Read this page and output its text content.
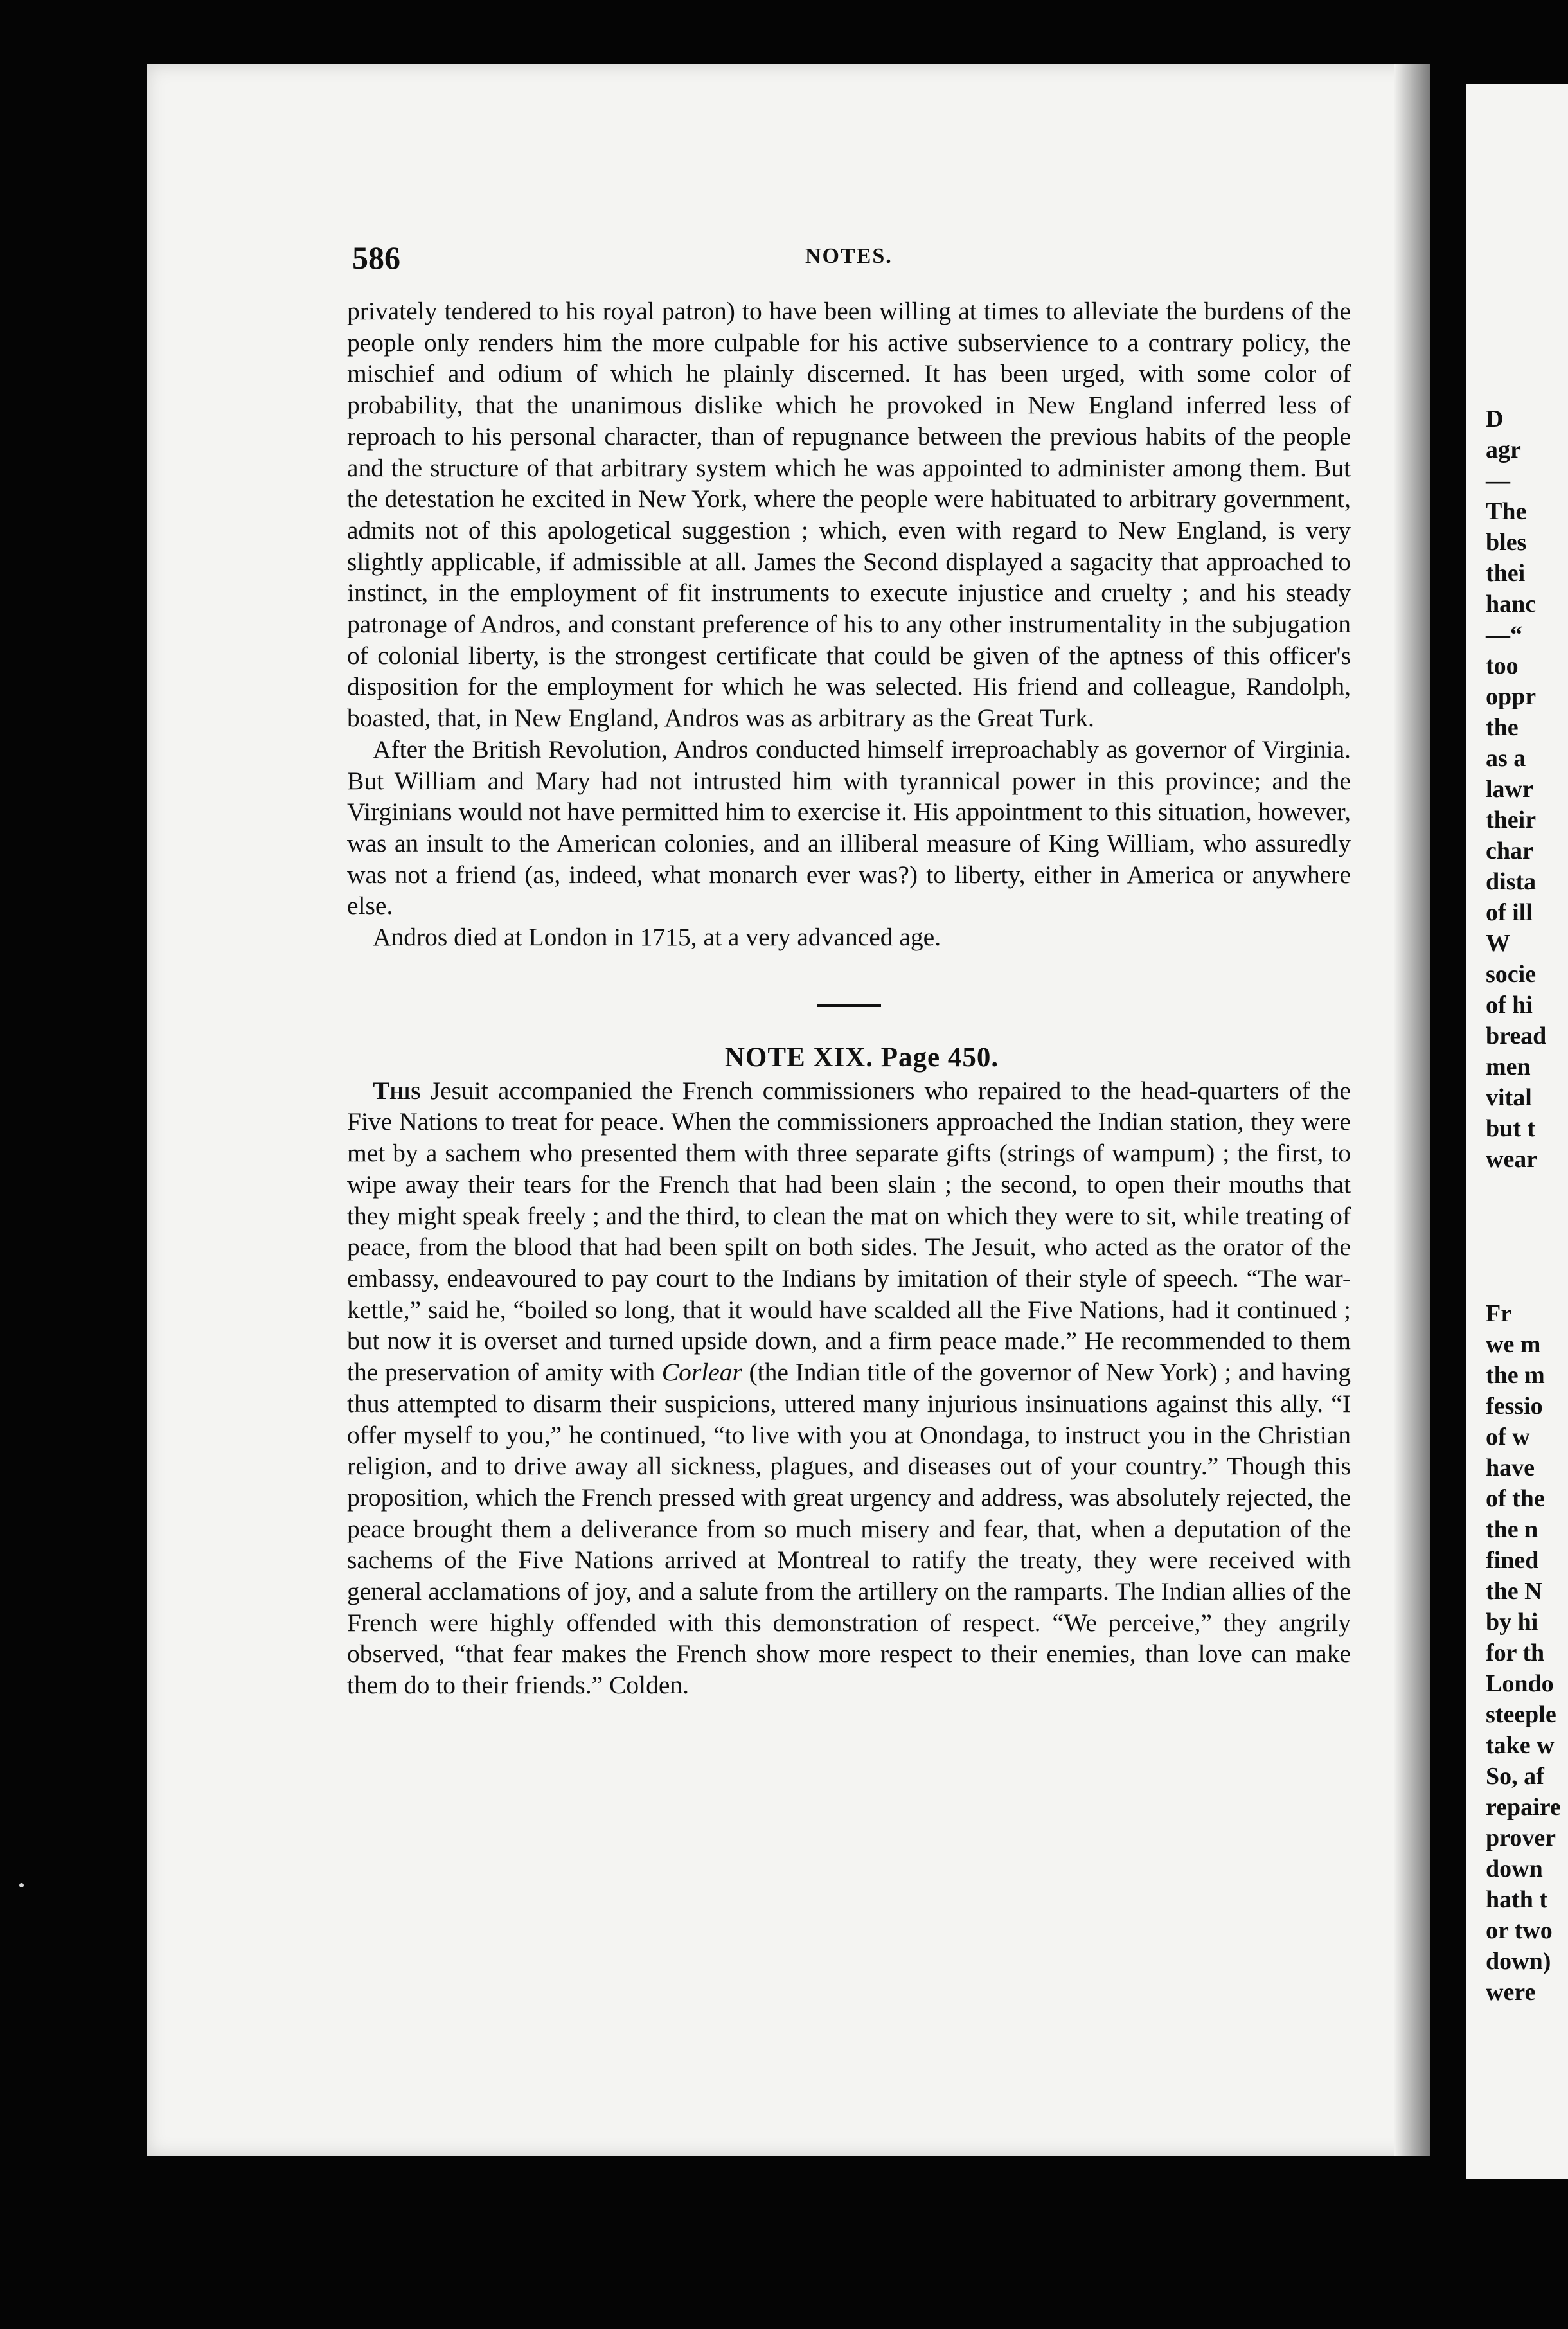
586	NOTES.

privately tendered to his royal patron) to have been willing at times to alleviate the burdens of the people only renders him the more culpable for his active subservience to a contrary policy, the mischief and odium of which he plainly discerned. It has been urged, with some color of probability, that the unanimous dislike which he provoked in New England inferred less of reproach to his personal character, than of repugnance between the previous habits of the people and the structure of that arbitrary system which he was appointed to administer among them. But the detestation he excited in New York, where the people were habituated to arbitrary government, admits not of this apologetical suggestion ; which, even with regard to New England, is very slightly applicable, if admissible at all. James the Second displayed a sagacity that approached to instinct, in the employment of fit instruments to execute injustice and cruelty ; and his steady patronage of Andros, and constant preference of his to any other instrumentality in the subjugation of colonial liberty, is the strongest certificate that could be given of the aptness of this officer's disposition for the employment for which he was selected. His friend and colleague, Randolph, boasted, that, in New England, Andros was as arbitrary as the Great Turk.

After the British Revolution, Andros conducted himself irreproachably as governor of Virginia. But William and Mary had not intrusted him with tyrannical power in this province; and the Virginians would not have permitted him to exercise it. His appointment to this situation, however, was an insult to the American colonies, and an illiberal measure of King William, who assuredly was not a friend (as, indeed, what monarch ever was?) to liberty, either in America or anywhere else.

Andros died at London in 1715, at a very advanced age.

NOTE XIX. Page 450.

This Jesuit accompanied the French commissioners who repaired to the head-quarters of the Five Nations to treat for peace. When the commissioners approached the Indian station, they were met by a sachem who presented them with three separate gifts (strings of wampum) ; the first, to wipe away their tears for the French that had been slain ; the second, to open their mouths that they might speak freely ; and the third, to clean the mat on which they were to sit, while treating of peace, from the blood that had been spilt on both sides. The Jesuit, who acted as the orator of the embassy, endeavoured to pay court to the Indians by imitation of their style of speech. “The war-kettle,” said he, “boiled so long, that it would have scalded all the Five Nations, had it continued ; but now it is overset and turned upside down, and a firm peace made.” He recommended to them the preservation of amity with Corlear (the Indian title of the governor of New York) ; and having thus attempted to disarm their suspicions, uttered many injurious insinuations against this ally. “I offer myself to you,” he continued, “to live with you at Onondaga, to instruct you in the Christian religion, and to drive away all sickness, plagues, and diseases out of your country.” Though this proposition, which the French pressed with great urgency and address, was absolutely rejected, the peace brought them a deliverance from so much misery and fear, that, when a deputation of the sachems of the Five Nations arrived at Montreal to ratify the treaty, they were received with general acclamations of joy, and a salute from the artillery on the ramparts. The Indian allies of the French were highly offended with this demonstration of respect. “We perceive,” they angrily observed, “that fear makes the French show more respect to their enemies, than love can make them do to their friends.” Colden.

D
agr
—
The
bles
thei
hanc
—“
too
oppr
the
as a
lawr
their
char
dista
of ill
W
socie
of hi
bread
men
vital
but t
wear
Fr
we m
the m
fessio
of w
have
of the
the n
fined
the N
by hi
for th
Londo
steeple
take w
So, af
repaire
prover
down
hath t
or two
down)
were
